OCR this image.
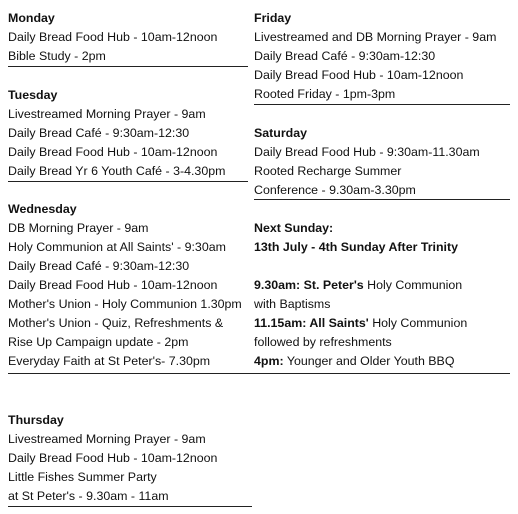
Monday
Daily Bread Food Hub - 10am-12noon
Bible Study - 2pm
Tuesday
Livestreamed Morning Prayer - 9am
Daily Bread Café - 9:30am-12:30
Daily Bread Food Hub - 10am-12noon
Daily Bread Yr 6 Youth Café - 3-4.30pm
Wednesday
DB Morning Prayer - 9am
Holy Communion at All Saints' - 9:30am
Daily Bread Café - 9:30am-12:30
Daily Bread Food Hub - 10am-12noon
Mother's Union - Holy Communion 1.30pm
Mother's Union - Quiz, Refreshments &
Rise Up Campaign update - 2pm
Everyday Faith at St Peter's- 7.30pm
Thursday
Livestreamed Morning Prayer - 9am
Daily Bread Food Hub - 10am-12noon
Little Fishes Summer Party
at St Peter's - 9.30am - 11am
Friday
Livestreamed and DB Morning Prayer - 9am
Daily Bread Café - 9:30am-12:30
Daily Bread Food Hub - 10am-12noon
Rooted Friday - 1pm-3pm
Saturday
Daily Bread Food Hub - 9:30am-11.30am
Rooted Recharge Summer
Conference - 9.30am-3.30pm
Next Sunday:
13th July - 4th Sunday After Trinity
9.30am: St. Peter's Holy Communion
with Baptisms
11.15am: All Saints' Holy Communion
followed by refreshments
4pm: Younger and Older Youth BBQ
